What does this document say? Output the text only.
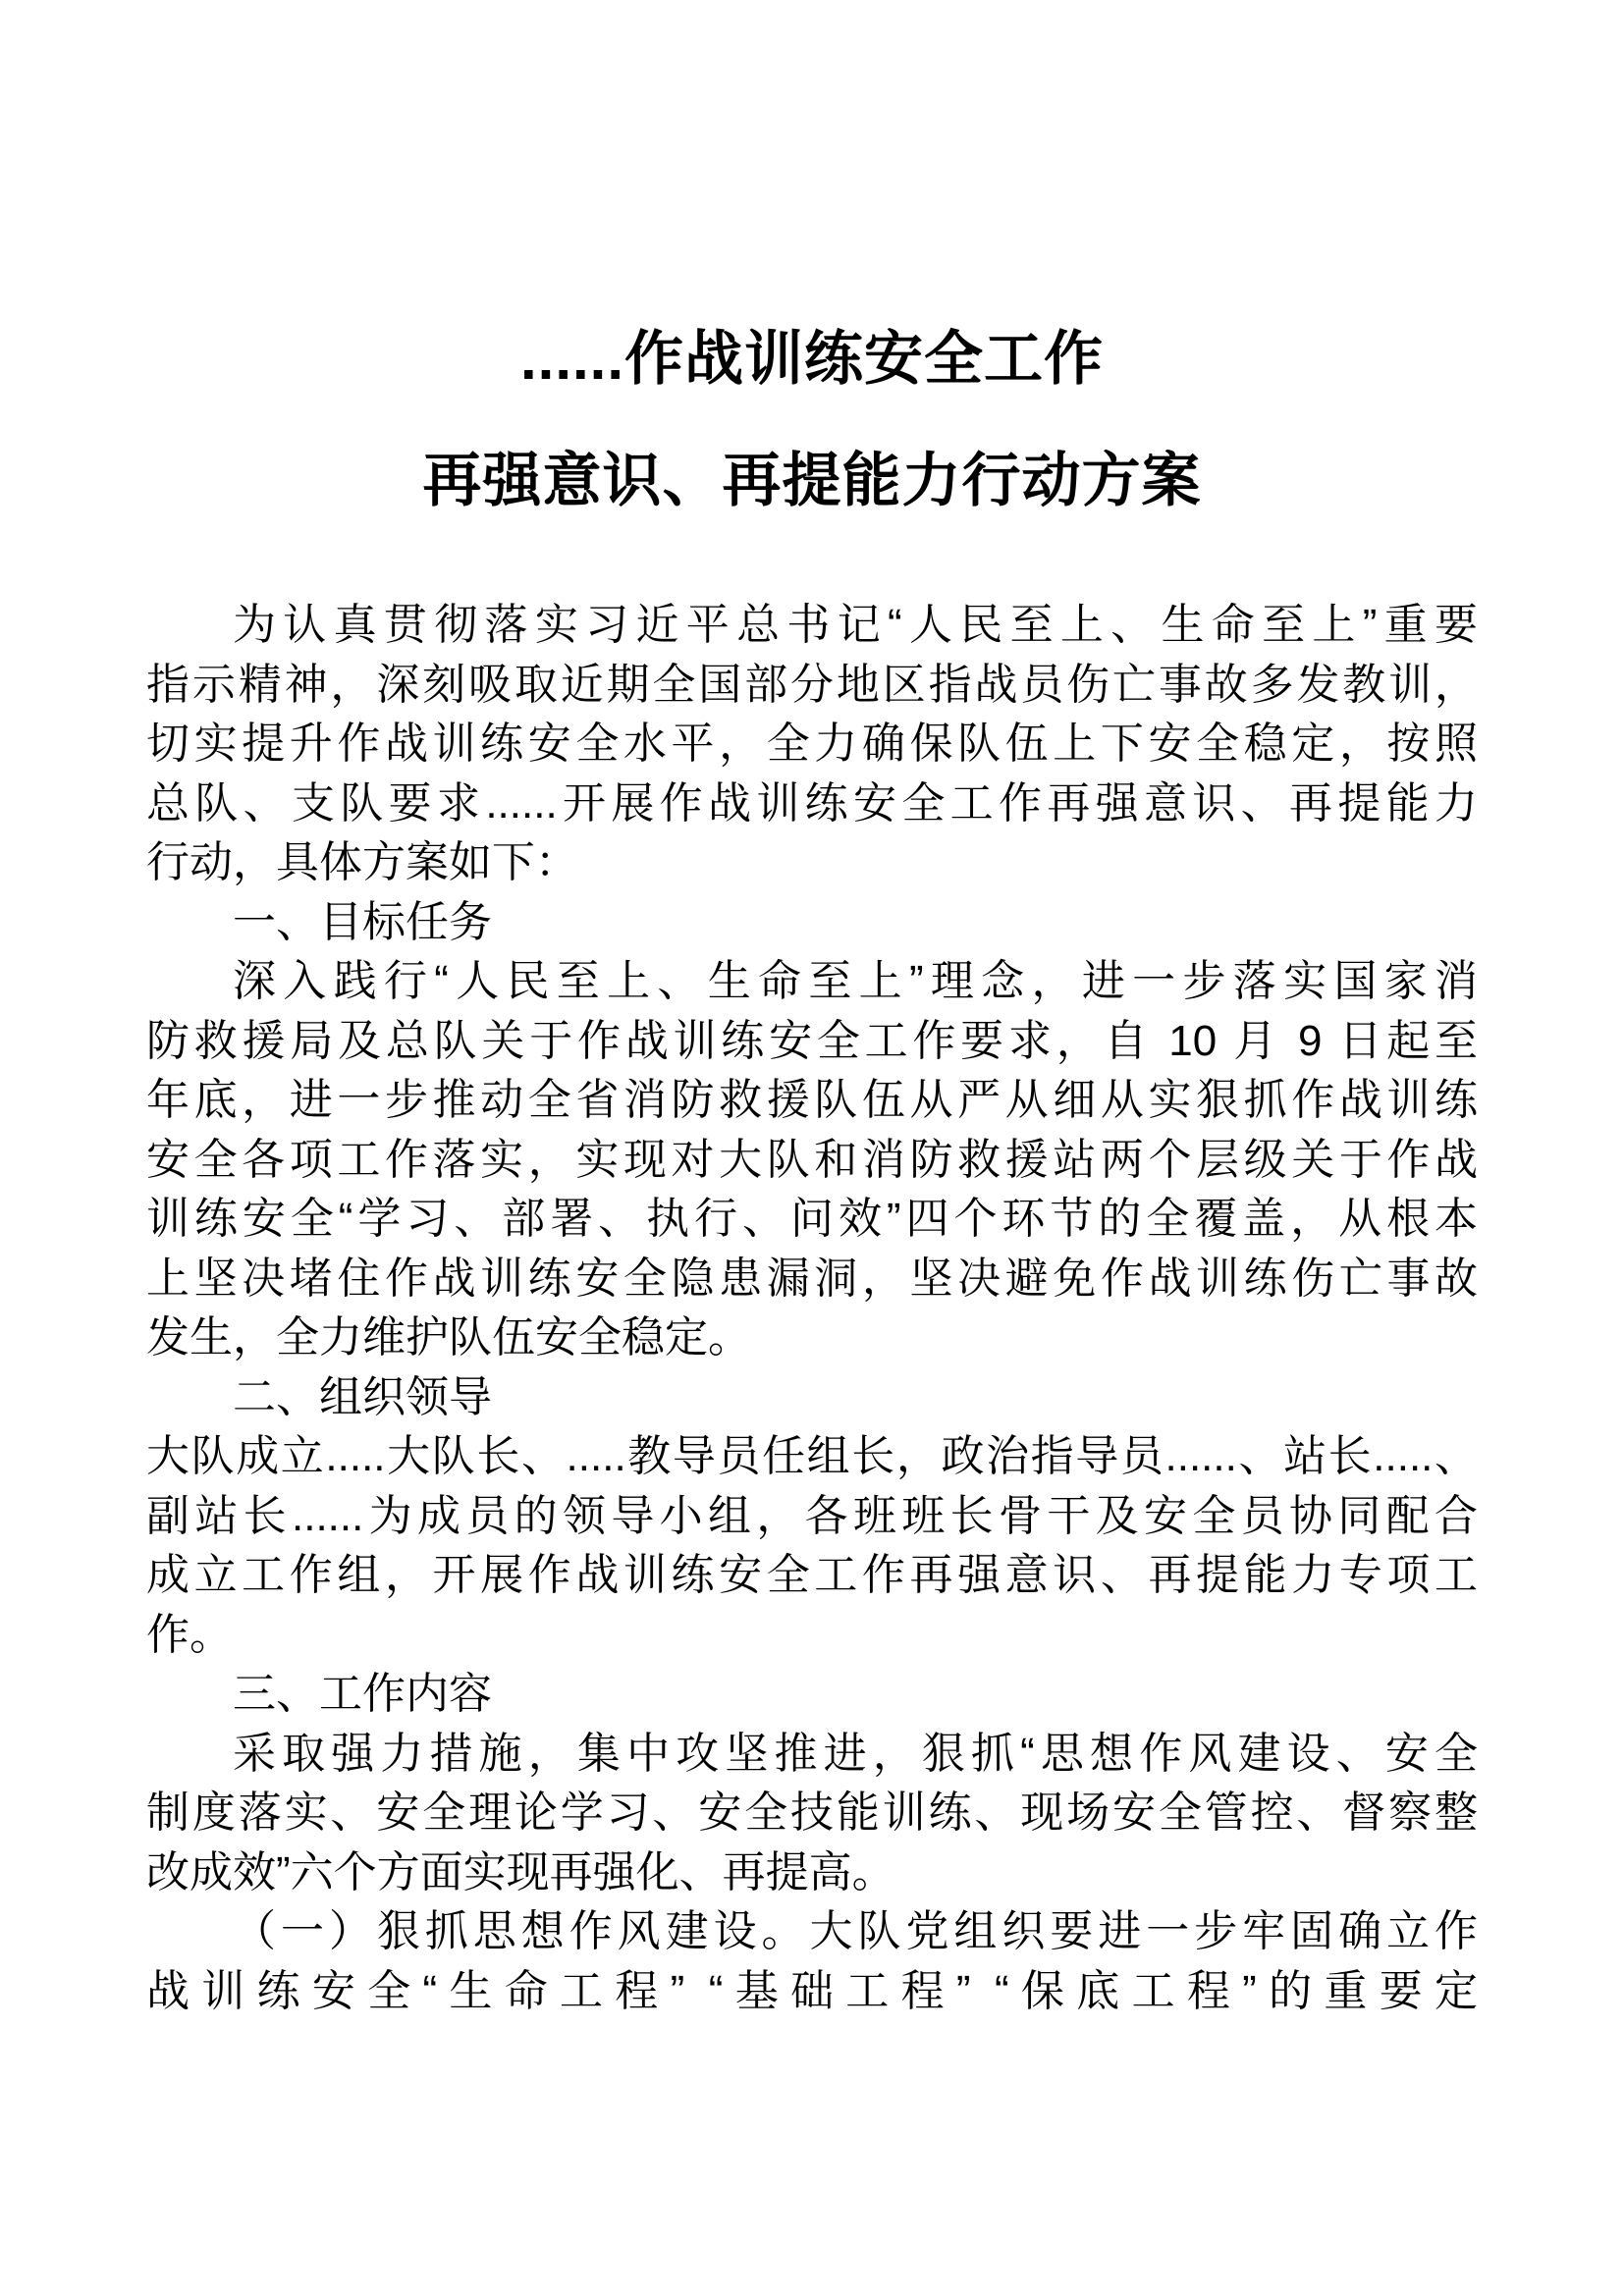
......作战训练安全工作
再强意识、再提能力行动方案
为认真贯彻落实习近平总书记“人民至上、生命至上”重要
指示精神，深刻吸取近期全国部分地区指战员伤亡事故多发教训，
切实提升作战训练安全水平，全力确保队伍上下安全稳定，按照
总队、支队要求......开展作战训练安全工作再强意识、再提能力
行动，具体方案如下：
一、目标任务
深入践行“人民至上、生命至上”理念，进一步落实国家消
防救援局及总队关于作战训练安全工作要求，自 10 月 9 日起至
年底，进一步推动全省消防救援队伍从严从细从实狠抓作战训练
安全各项工作落实，实现对大队和消防救援站两个层级关于作战
训练安全“学习、部署、执行、问效”四个环节的全覆盖，从根本
上坚决堵住作战训练安全隐患漏洞，坚决避免作战训练伤亡事故
发生，全力维护队伍安全稳定。
二、组织领导
大队成立.....大队长、.....教导员任组长，政治指导员......、站长.....、
副站长......为成员的领导小组，各班班长骨干及安全员协同配合
成立工作组，开展作战训练安全工作再强意识、再提能力专项工
作。
三、工作内容
采取强力措施，集中攻坚推进，狠抓“思想作风建设、安全
制度落实、安全理论学习、安全技能训练、现场安全管控、督察整
改成效”六个方面实现再强化、再提高。
（一）狠抓思想作风建设。大队党组织要进一步牢固确立作
战训练安全“生命工程” “基础工程” “保底工程”的重要定
